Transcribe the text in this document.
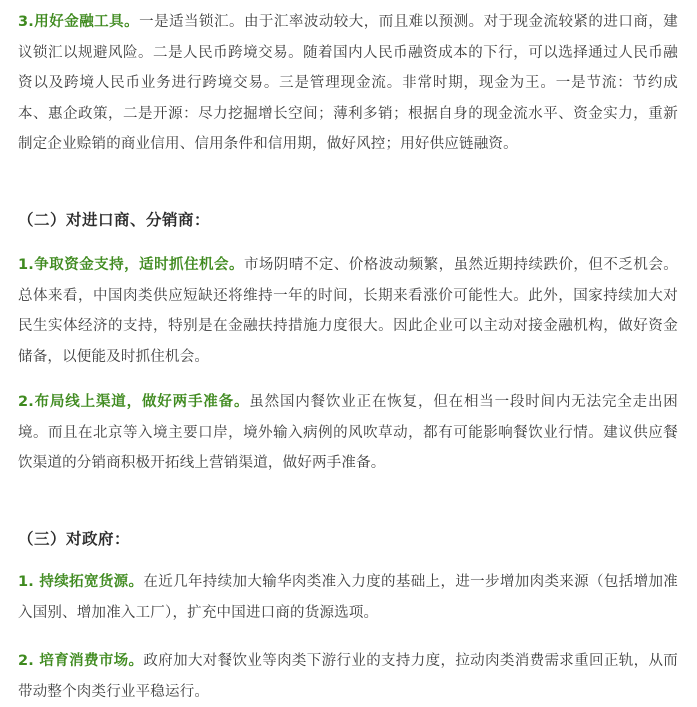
3.用好金融工具。一是适当锁汇。由于汇率波动较大，而且难以预测。对于现金流较紧的进口商，建议锁汇以规避风险。二是人民币跨境交易。随着国内人民币融资成本的下行，可以选择通过人民币融资以及跨境人民币业务进行跨境交易。三是管理现金流。非常时期，现金为王。一是节流：节约成本、惠企政策，二是开源：尽力挖掘增长空间；薄利多销；根据自身的现金流水平、资金实力，重新制定企业赊销的商业信用、信用条件和信用期，做好风控；用好供应链融资。

（二）对进口商、分销商：

1.争取资金支持，适时抓住机会。市场阴晴不定、价格波动频繁，虽然近期持续跌价，但不乏机会。总体来看，中国肉类供应短缺还将维持一年的时间，长期来看涨价可能性大。此外，国家持续加大对民生实体经济的支持，特别是在金融扶持措施力度很大。因此企业可以主动对接金融机构，做好资金储备，以便能及时抓住机会。

2.布局线上渠道，做好两手准备。虽然国内餐饮业正在恢复，但在相当一段时间内无法完全走出困境。而且在北京等入境主要口岸，境外输入病例的风吹草动，都有可能影响餐饮业行情。建议供应餐饮渠道的分销商积极开拓线上营销渠道，做好两手准备。

（三）对政府：

1. 持续拓宽货源。在近几年持续加大输华肉类准入力度的基础上，进一步增加肉类来源（包括增加准入国别、增加准入工厂），扩充中国进口商的货源选项。

2. 培育消费市场。政府加大对餐饮业等肉类下游行业的支持力度，拉动肉类消费需求重回正轨，从而带动整个肉类行业平稳运行。
